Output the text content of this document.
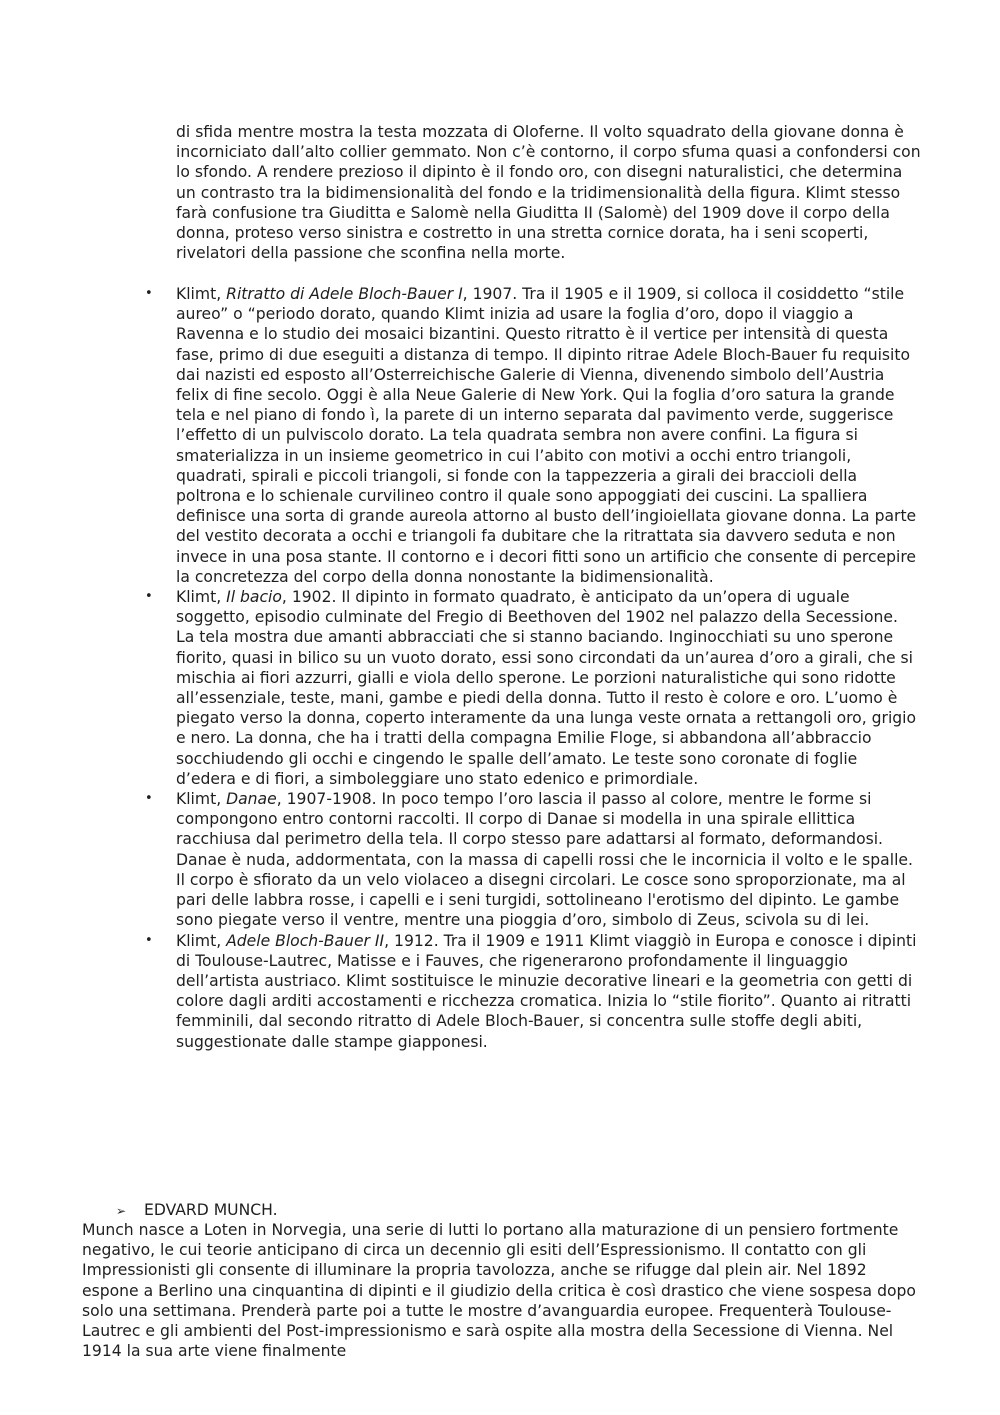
di sfida mentre mostra la testa mozzata di Oloferne. Il volto squadrato della giovane donna è incorniciato dall’alto collier gemmato. Non c’è contorno, il corpo sfuma quasi a confondersi con lo sfondo. A rendere prezioso il dipinto è il fondo oro, con disegni naturalistici, che determina un contrasto tra la bidimensionalità del fondo e la tridimensionalità della figura. Klimt stesso farà confusione tra Giuditta e Salomè nella Giuditta II (Salomè) del 1909 dove il corpo della donna, proteso verso sinistra e costretto in una stretta cornice dorata, ha i seni scoperti, rivelatori della passione che sconfina nella morte.

• Klimt, Ritratto di Adele Bloch-Bauer I, 1907. Tra il 1905 e il 1909, si colloca il cosiddetto “stile aureo” o “periodo dorato, quando Klimt inizia ad usare la foglia d’oro, dopo il viaggio a Ravenna e lo studio dei mosaici bizantini. Questo ritratto è il vertice per intensità di questa fase, primo di due eseguiti a distanza di tempo. Il dipinto ritrae Adele Bloch-Bauer fu requisito dai nazisti ed esposto all’Osterreichische Galerie di Vienna, divenendo simbolo dell’Austria felix di fine secolo. Oggi è alla Neue Galerie di New York. Qui la foglia d’oro satura la grande tela e nel piano di fondo ì, la parete di un interno separata dal pavimento verde, suggerisce l’effetto di un pulviscolo dorato. La tela quadrata sembra non avere confini. La figura si smaterializza in un insieme geometrico in cui l’abito con motivi a occhi entro triangoli, quadrati, spirali e piccoli triangoli, si fonde con la tappezzeria a girali dei braccioli della poltrona e lo schienale curvilineo contro il quale sono appoggiati dei cuscini. La spalliera definisce una sorta di grande aureola attorno al busto dell’ingioiellata giovane donna. La parte del vestito decorata a occhi e triangoli fa dubitare che la ritrattata sia davvero seduta e non invece in una posa stante. Il contorno e i decori fitti sono un artificio che consente di percepire la concretezza del corpo della donna nonostante la bidimensionalità.
• Klimt, Il bacio, 1902. Il dipinto in formato quadrato, è anticipato da un’opera di uguale soggetto, episodio culminate del Fregio di Beethoven del 1902 nel palazzo della Secessione. La tela mostra due amanti abbracciati che si stanno baciando. Inginocchiati su uno sperone fiorito, quasi in bilico su un vuoto dorato, essi sono circondati da un’aurea d’oro a girali, che si mischia ai fiori azzurri, gialli e viola dello sperone. Le porzioni naturalistiche qui sono ridotte all’essenziale, teste, mani, gambe e piedi della donna. Tutto il resto è colore e oro. L’uomo è piegato verso la donna, coperto interamente da una lunga veste ornata a rettangoli oro, grigio e nero. La donna, che ha i tratti della compagna Emilie Floge, si abbandona all’abbraccio socchiudendo gli occhi e cingendo le spalle dell’amato. Le teste sono coronate di foglie d’edera e di fiori, a simboleggiare uno stato edenico e primordiale.
• Klimt, Danae, 1907-1908. In poco tempo l’oro lascia il passo al colore, mentre le forme si compongono entro contorni raccolti. Il corpo di Danae si modella in una spirale ellittica racchiusa dal perimetro della tela. Il corpo stesso pare adattarsi al formato, deformandosi. Danae è nuda, addormentata, con la massa di capelli rossi che le incornicia il volto e le spalle. Il corpo è sfiorato da un velo violaceo a disegni circolari. Le cosce sono sproporzionate, ma al pari delle labbra rosse, i capelli e i seni turgidi, sottolineano l'erotismo del dipinto. Le gambe sono piegate verso il ventre, mentre una pioggia d’oro, simbolo di Zeus, scivola su di lei.
• Klimt, Adele Bloch-Bauer II, 1912. Tra il 1909 e 1911 Klimt viaggiò in Europa e conosce i dipinti di Toulouse-Lautrec, Matisse e i Fauves, che rigenerarono profondamente il linguaggio dell’artista austriaco. Klimt sostituisce le minuzie decorative lineari e la geometria con getti di colore dagli arditi accostamenti e ricchezza cromatica. Inizia lo “stile fiorito”. Quanto ai ritratti femminili, dal secondo ritratto di Adele Bloch-Bauer, si concentra sulle stoffe degli abiti, suggestionate dalle stampe giapponesi.

➢ EDVARD MUNCH.

Munch nasce a Loten in Norvegia, una serie di lutti lo portano alla maturazione di un pensiero fortmente negativo, le cui teorie anticipano di circa un decennio gli esiti dell’Espressionismo. Il contatto con gli Impressionisti gli consente di illuminare la propria tavolozza, anche se rifugge dal plein air. Nel 1892 espone a Berlino una cinquantina di dipinti e il giudizio della critica è così drastico che viene sospesa dopo solo una settimana. Prenderà parte poi a tutte le mostre d’avanguardia europee. Frequenterà Toulouse-Lautrec e gli ambienti del Post-impressionismo e sarà ospite alla mostra della Secessione di Vienna. Nel 1914 la sua arte viene finalmente
